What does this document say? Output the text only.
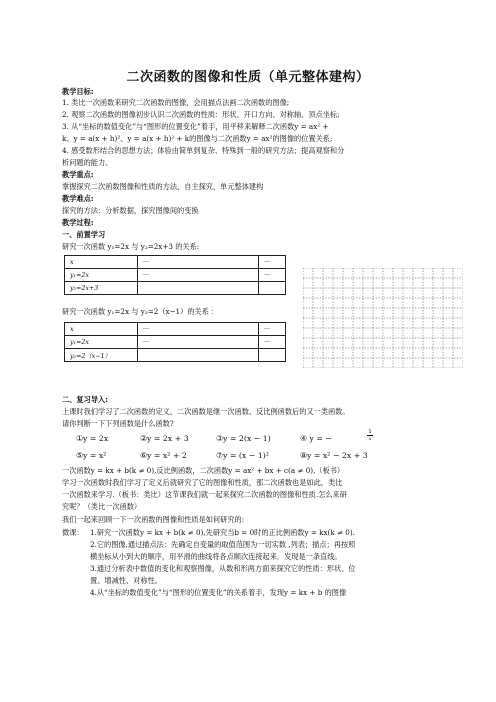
二次函数的图像和性质（单元整体建构）
教学目标:
1. 类比一次函数来研究二次函数的图像，会用描点法画二次函数的图像;
2. 观察二次函数的图像初步认识二次函数的性质：形状、开口方向、对称轴、顶点坐标;
3. 从“坐标的数值变化”与“图形的位置变化”着手，用平移来解释二次函数y = ax² +
k、y = a(x + h)²、y = a(x + h)² + k的图像与二次函数y = ax²的图像的位置关系;
4. 感受数形结合的思想方法；体验由简单到复杂、特殊到一般的研究方法；提高观察和分
析问题的能力。
教学重点:
掌握探究二次函数图像和性质的方法，自主探究，单元整体建构
教学难点:
探究的方法：分析数据，探究图像间的变换
教学过程:
一、前置学习
研究一次函数 y₁=2x 与 y₂=2x+3 的关系:
x	···	···
y₁=2x	···	···
y₂=2x+3		
研究一次函数 y₁=2x 与 y₂=2（x−1）的关系 ：
x	···	···
y₁=2x	···	···
y₂=2（x−1）		
二、复习导入:
上课时我们学习了二次函数的定义，二次函数是继一次函数、反比例函数后的又一类函数。
请你判断一下下列函数是什么函数?
①y = 2x	②y = 2x + 3	③y = 2(x − 1)	④ y = −
5
x
⑤y = x²	⑥y = x² + 2	⑦y = (x − 1)²	⑧y = x² − 2x + 3
一次函数y = kx + b(k ≠ 0),反比例函数，二次函数y = ax² + bx + c(a ≠ 0),（板书）
学习一次函数时我们学习了定义后就研究了它的图像和性质，那二次函数也是如此，类比
一次函数来学习.（板书：类比）这节课我们就一起来探究二次函数的图像和性质.怎么来研
究呢？（类比一次函数）
我们一起来回顾一下一次函数的图像和性质是如何研究的:
微课： 1.研究一次函数y = kx + b(k ≠ 0),先研究当b = 0时的正比例函数y = kx(k ≠ 0).
2.它的图像,通过描点法：先确定自变量的取值范围为一切实数 ,列表；描点；再按照
横坐标从小到大的顺序，用平滑的曲线将各点顺次连接起来．发现是一条直线。
3.通过分析表中数值的变化和观察图像，从数和形两方面来探究它的性质：形状、位
置、增减性、对称性。
4.从“坐标的数值变化”与“图形的位置变化”的关系着手，发现y = kx + b 的图像
